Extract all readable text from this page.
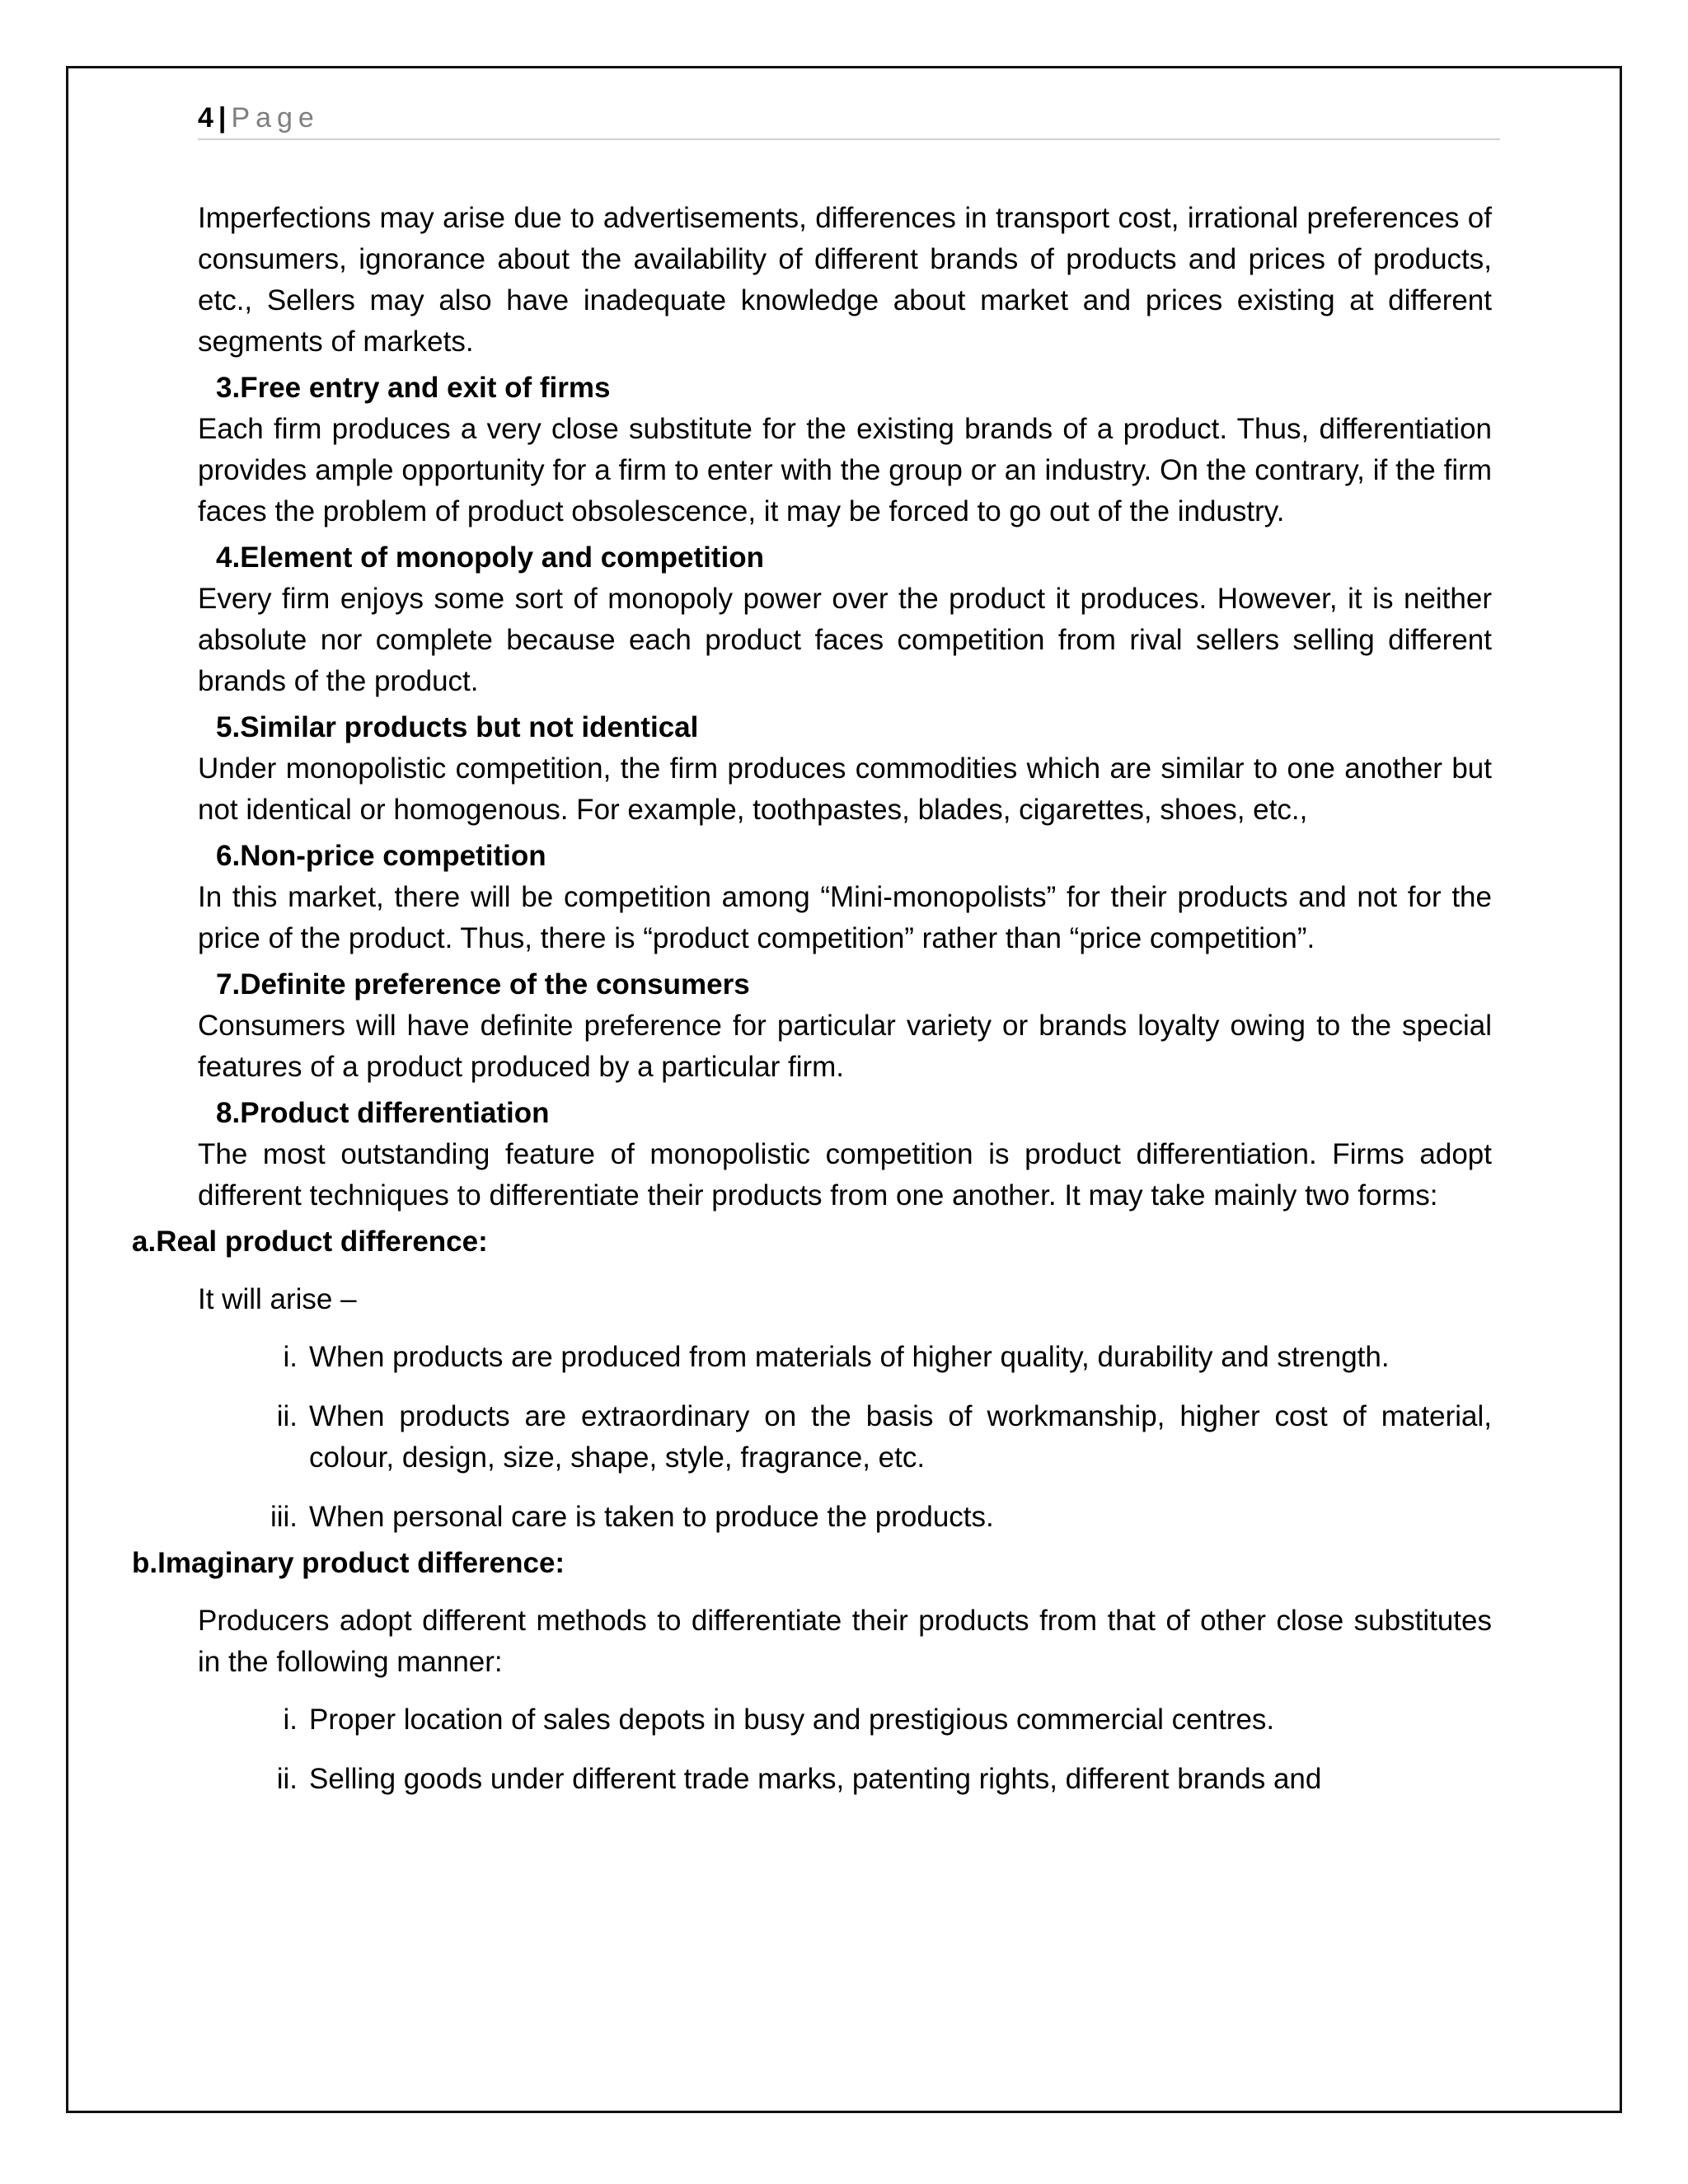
4 | Page

Imperfections may arise due to advertisements, differences in transport cost, irrational preferences of consumers, ignorance about the availability of different brands of products and prices of products, etc., Sellers may also have inadequate knowledge about market and prices existing at different segments of markets.

3.Free entry and exit of firms

Each firm produces a very close substitute for the existing brands of a product. Thus, differentiation provides ample opportunity for a firm to enter with the group or an industry. On the contrary, if the firm faces the problem of product obsolescence, it may be forced to go out of the industry.

4.Element of monopoly and competition

Every firm enjoys some sort of monopoly power over the product it produces. However, it is neither absolute nor complete because each product faces competition from rival sellers selling different brands of the product.

5.Similar products but not identical

Under monopolistic competition, the firm produces commodities which are similar to one another but not identical or homogenous. For example, toothpastes, blades, cigarettes, shoes, etc.,

6.Non-price competition

In this market, there will be competition among “Mini-monopolists” for their products and not for the price of the product. Thus, there is “product competition” rather than “price competition”.

7.Definite preference of the consumers

Consumers will have definite preference for particular variety or brands loyalty owing to the special features of a product produced by a particular firm.

8.Product differentiation

The most outstanding feature of monopolistic competition is product differentiation. Firms adopt different techniques to differentiate their products from one another. It may take mainly two forms:

a.Real product difference:

It will arise –

i. When products are produced from materials of higher quality, durability and strength.
ii. When products are extraordinary on the basis of workmanship, higher cost of material, colour, design, size, shape, style, fragrance, etc.
iii. When personal care is taken to produce the products.
b.Imaginary product difference:

Producers adopt different methods to differentiate their products from that of other close substitutes in the following manner:

i. Proper location of sales depots in busy and prestigious commercial centres.
ii. Selling goods under different trade marks, patenting rights, different brands and
